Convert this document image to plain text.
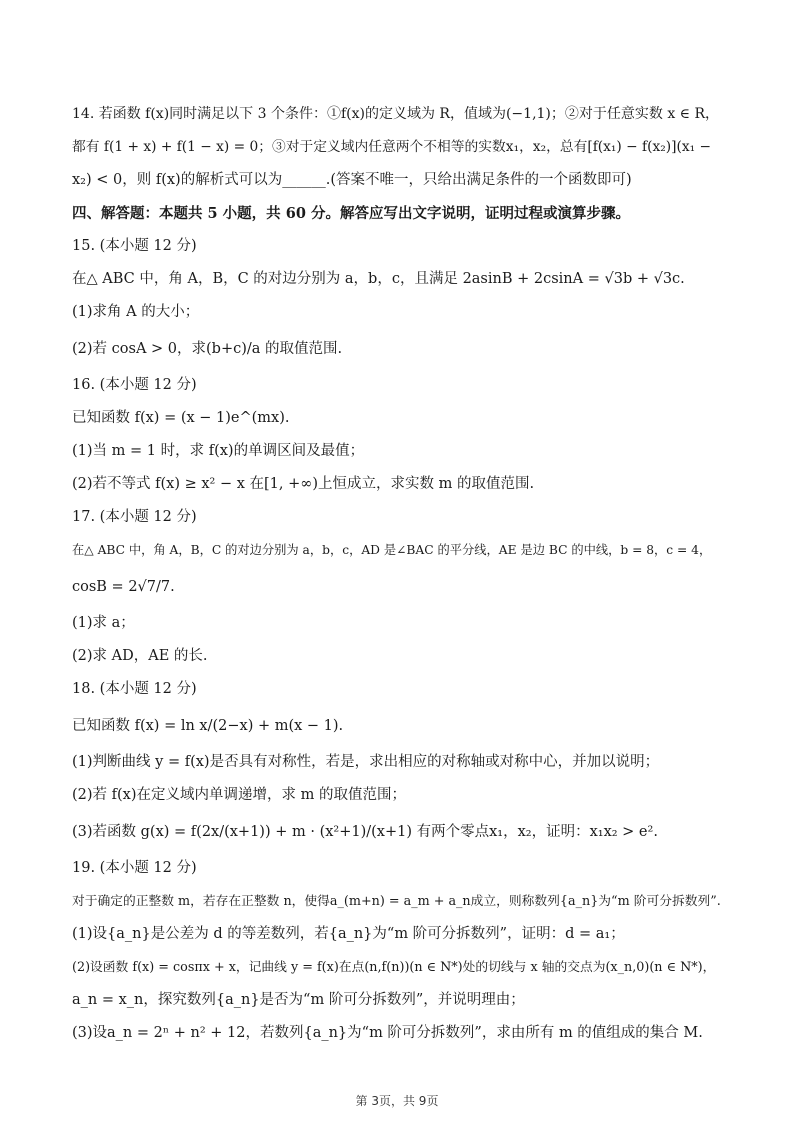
14. 若函数 f(x)同时满足以下 3 个条件：①f(x)的定义域为 R，值域为(−1,1)；②对于任意实数 x ∈ R，
都有 f(1 + x) + f(1 − x) = 0；③对于定义域内任意两个不相等的实数x₁，x₂，总有[f(x₁) − f(x₂)](x₁ −
x₂) < 0，则 f(x)的解析式可以为______.(答案不唯一，只给出满足条件的一个函数即可)
四、解答题：本题共 5 小题，共 60 分。解答应写出文字说明，证明过程或演算步骤。
15. (本小题 12 分)
在△ ABC 中，角 A，B，C 的对边分别为 a，b，c，且满足 2asinB + 2csinA = √3b + √3c.
(1)求角 A 的大小；
(2)若 cosA > 0，求(b+c)/a 的取值范围.
16. (本小题 12 分)
已知函数 f(x) = (x − 1)e^(mx).
(1)当 m = 1 时，求 f(x)的单调区间及最值；
(2)若不等式 f(x) ≥ x² − x 在[1, +∞)上恒成立，求实数 m 的取值范围.
17. (本小题 12 分)
在△ ABC 中，角 A，B，C 的对边分别为 a，b，c，AD 是∠BAC 的平分线，AE 是边 BC 的中线，b = 8，c = 4，
cosB = 2√7/7.
(1)求 a；
(2)求 AD，AE 的长.
18. (本小题 12 分)
已知函数 f(x) = ln x/(2−x) + m(x − 1).
(1)判断曲线 y = f(x)是否具有对称性，若是，求出相应的对称轴或对称中心，并加以说明；
(2)若 f(x)在定义域内单调递增，求 m 的取值范围；
(3)若函数 g(x) = f(2x/(x+1)) + m · (x²+1)/(x+1) 有两个零点x₁，x₂，证明：x₁x₂ > e².
19. (本小题 12 分)
对于确定的正整数 m，若存在正整数 n，使得a_(m+n) = a_m + a_n成立，则称数列{a_n}为“m 阶可分拆数列”.
(1)设{a_n}是公差为 d 的等差数列，若{a_n}为“m 阶可分拆数列”，证明：d = a₁；
(2)设函数 f(x) = cosπx + x，记曲线 y = f(x)在点(n,f(n))(n ∈ N*)处的切线与 x 轴的交点为(x_n,0)(n ∈ N*)，
a_n = x_n，探究数列{a_n}是否为“m 阶可分拆数列”，并说明理由；
(3)设a_n = 2ⁿ + n² + 12，若数列{a_n}为“m 阶可分拆数列”，求由所有 m 的值组成的集合 M.
第 3页，共 9页
